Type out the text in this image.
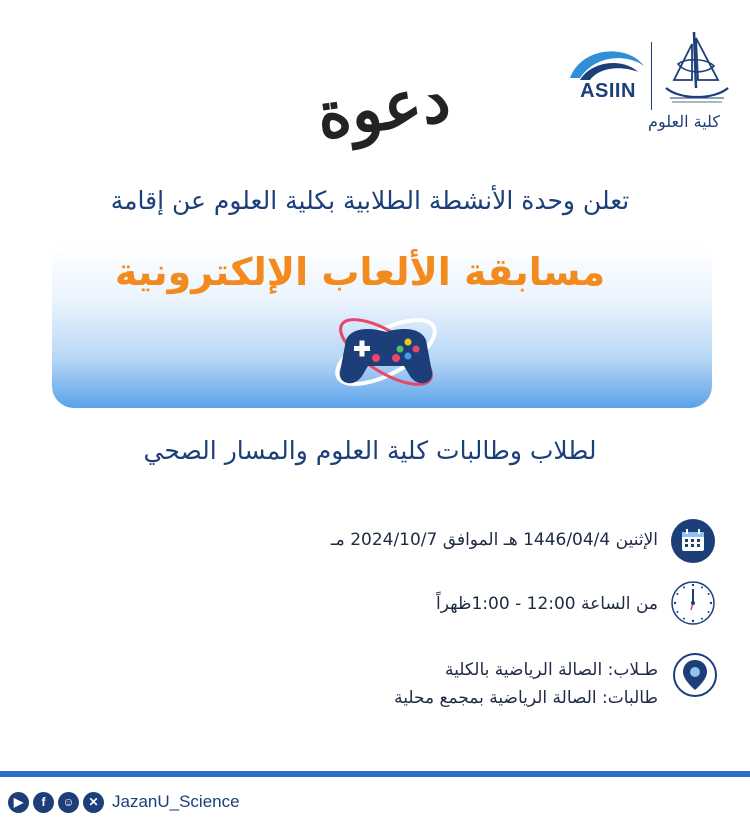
ASIIN
كلية العلوم
دعوة
تعلن وحدة الأنشطة الطلابية بكلية العلوم عن إقامة
مسابقة الألعاب الإلكترونية
لطلاب وطالبات كلية العلوم والمسار الصحي
الإثنين 1446/04/4 هـ الموافق 2024/10/7 مـ
من الساعة 12:00 - 1:00ظهراً
طـلاب: الصالة الرياضية بالكلية
طالبات: الصالة الرياضية بمجمع محلية
▶	f	☺	✕ JazanU_Science
